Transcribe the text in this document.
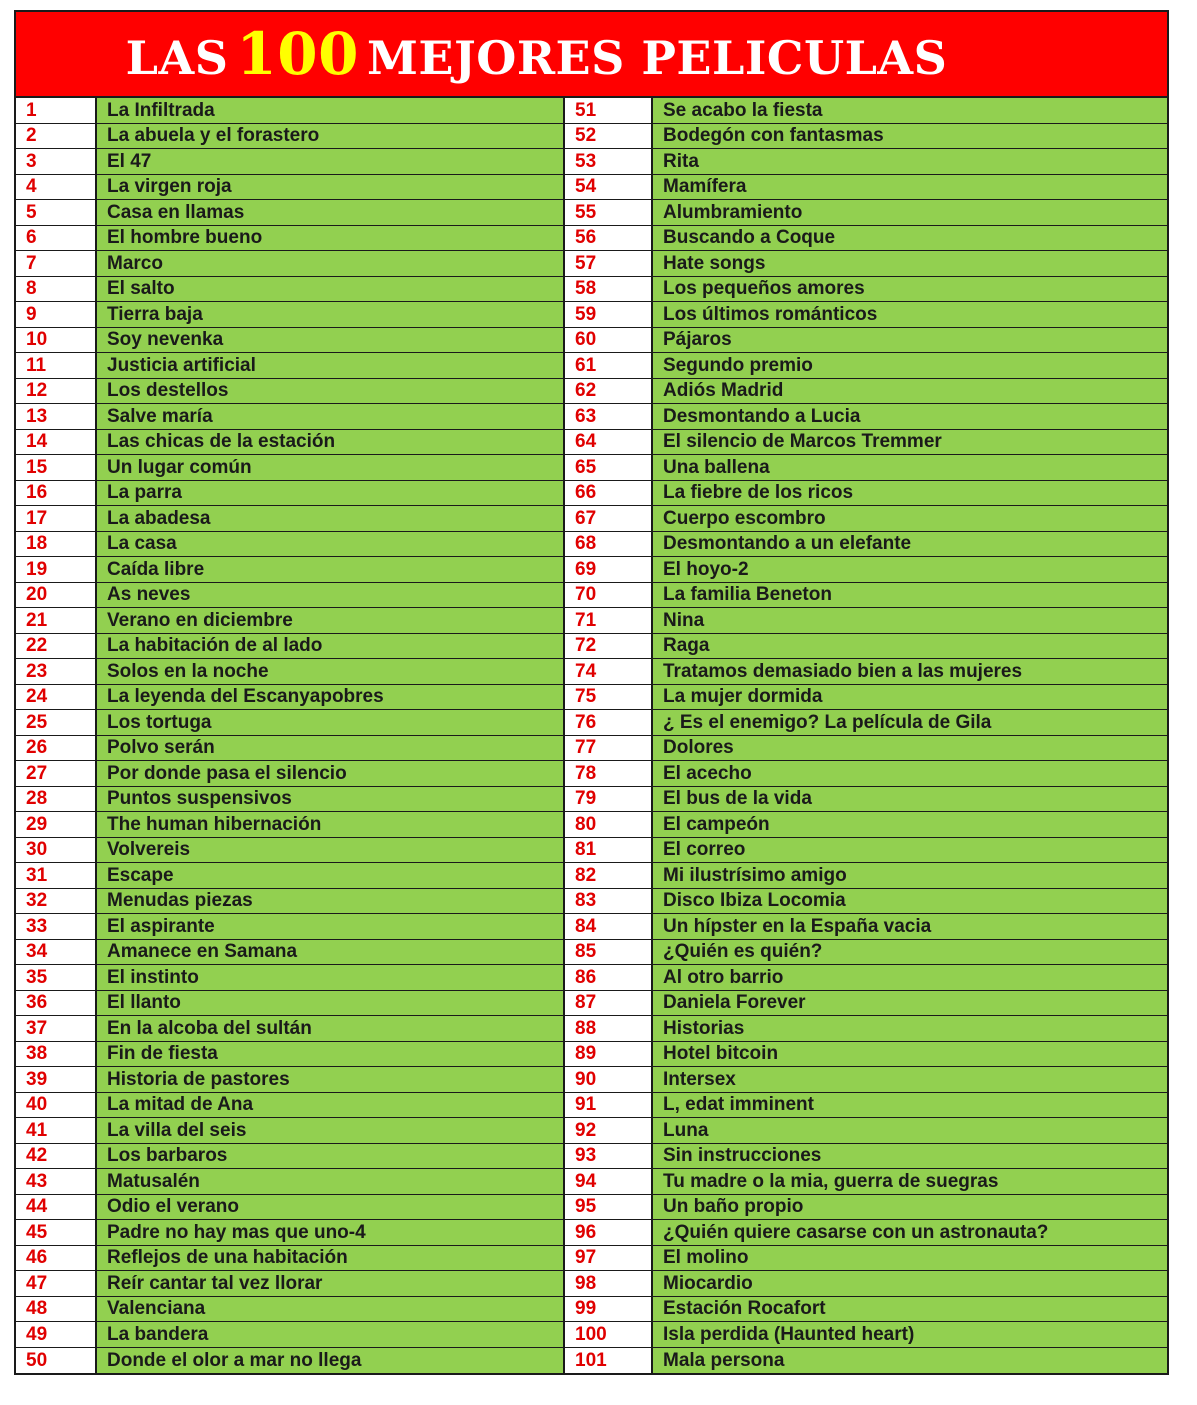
LAS 100 MEJORES PELICULAS
1	La Infiltrada
2	La abuela y el forastero
3	El 47
4	La virgen roja
5	Casa en llamas
6	El hombre bueno
7	Marco
8	El salto
9	Tierra baja
10	Soy nevenka
11	Justicia artificial
12	Los destellos
13	Salve maría
14	Las chicas de la estación
15	Un lugar común
16	La parra
17	La abadesa
18	La casa
19	Caída libre
20	As neves
21	Verano en diciembre
22	La habitación de al lado
23	Solos en la noche
24	La leyenda del Escanyapobres
25	Los tortuga
26	Polvo serán
27	Por donde pasa el silencio
28	Puntos suspensivos
29	The human hibernación
30	Volvereis
31	Escape
32	Menudas piezas
33	El aspirante
34	Amanece en Samana
35	El instinto
36	El llanto
37	En la alcoba del sultán
38	Fin de fiesta
39	Historia de pastores
40	La mitad de Ana
41	La villa del seis
42	Los barbaros
43	Matusalén
44	Odio el verano
45	Padre no hay mas que uno-4
46	Reflejos de una habitación
47	Reír cantar tal vez llorar
48	Valenciana
49	La bandera
50	Donde el olor a mar no llega
51	Se acabo la fiesta
52	Bodegón con fantasmas
53	Rita
54	Mamífera
55	Alumbramiento
56	Buscando a Coque
57	Hate songs
58	Los pequeños amores
59	Los últimos románticos
60	Pájaros
61	Segundo premio
62	Adiós Madrid
63	Desmontando a Lucia
64	El silencio de Marcos Tremmer
65	Una ballena
66	La fiebre de los ricos
67	Cuerpo escombro
68	Desmontando a un elefante
69	El hoyo-2
70	La familia Beneton
71	Nina
72	Raga
74	Tratamos demasiado bien a las mujeres
75	La mujer dormida
76	¿ Es el enemigo? La película de Gila
77	Dolores
78	El acecho
79	El bus de la vida
80	El campeón
81	El correo
82	Mi ilustrísimo amigo
83	Disco Ibiza Locomia
84	Un hípster en la España vacia
85	¿Quién es quién?
86	Al otro barrio
87	Daniela Forever
88	Historias
89	Hotel bitcoin
90	Intersex
91	L, edat imminent
92	Luna
93	Sin instrucciones
94	Tu madre o la mia, guerra de suegras
95	Un baño propio
96	¿Quién quiere casarse con un astronauta?
97	El molino
98	Miocardio
99	Estación Rocafort
100	Isla perdida (Haunted heart)
101	Mala persona
